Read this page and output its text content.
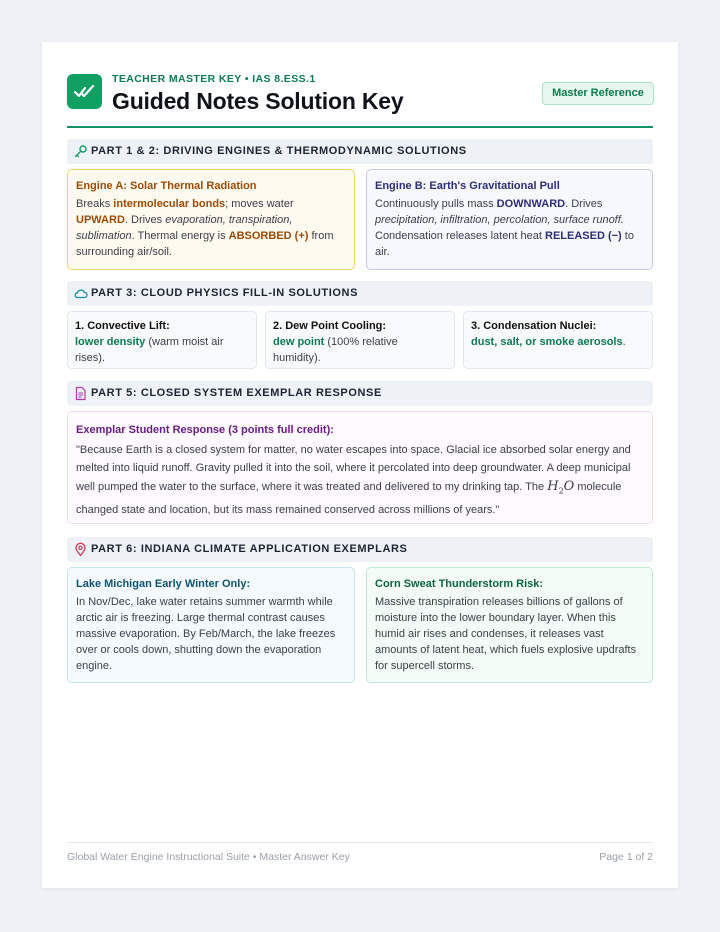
TEACHER MASTER KEY • IAS 8.ESS.1
Guided Notes Solution Key	Master Reference
PART 1 & 2: DRIVING ENGINES & THERMODYNAMIC SOLUTIONS
Engine A: Solar Thermal Radiation
Breaks intermolecular bonds; moves water UPWARD. Drives evaporation, transpiration, sublimation. Thermal energy is ABSORBED (+) from surrounding air/soil.
Engine B: Earth's Gravitational Pull
Continuously pulls mass DOWNWARD. Drives precipitation, infiltration, percolation, surface runoff. Condensation releases latent heat RELEASED (−) to air.
PART 3: CLOUD PHYSICS FILL-IN SOLUTIONS
1. Convective Lift:
lower density (warm moist air rises).
2. Dew Point Cooling:
dew point (100% relative humidity).
3. Condensation Nuclei:
dust, salt, or smoke aerosols.
PART 5: CLOSED SYSTEM EXEMPLAR RESPONSE
Exemplar Student Response (3 points full credit):
"Because Earth is a closed system for matter, no water escapes into space. Glacial ice absorbed solar energy and melted into liquid runoff. Gravity pulled it into the soil, where it percolated into deep groundwater. A deep municipal well pumped the water to the surface, where it was treated and delivered to my drinking tap. The $H_2O$ molecule changed state and location, but its mass remained conserved across millions of years."
PART 6: INDIANA CLIMATE APPLICATION EXEMPLARS
Lake Michigan Early Winter Only:
In Nov/Dec, lake water retains summer warmth while arctic air is freezing. Large thermal contrast causes massive evaporation. By Feb/March, the lake freezes over or cools down, shutting down the evaporation engine.
Corn Sweat Thunderstorm Risk:
Massive transpiration releases billions of gallons of moisture into the lower boundary layer. When this humid air rises and condenses, it releases vast amounts of latent heat, which fuels explosive updrafts for supercell storms.
Global Water Engine Instructional Suite • Master Answer Key	Page 1 of 2
